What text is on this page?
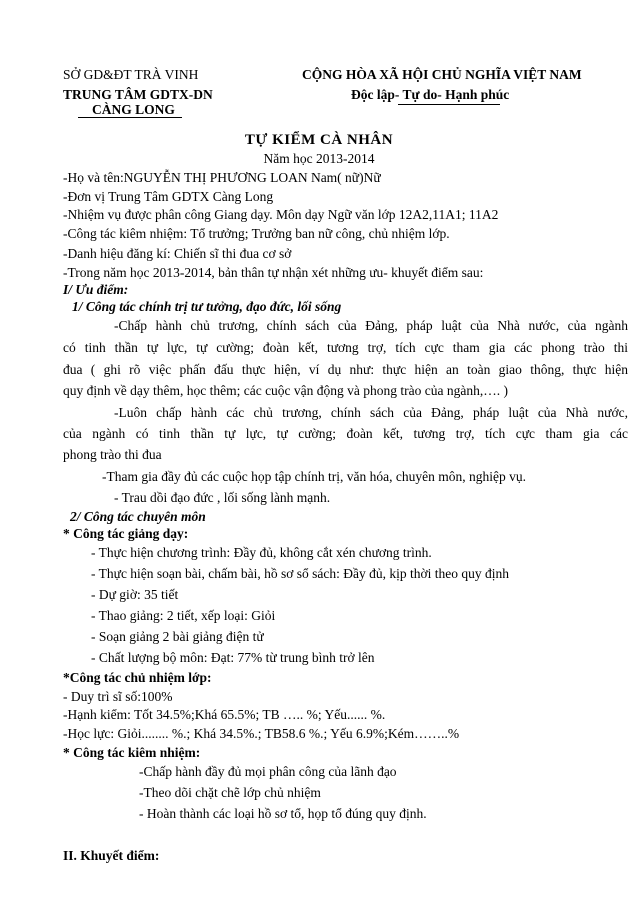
SỞ GD&ĐT TRÀ VINH
TRUNG TÂM GDTX-DN
CÀNG LONG
CỘNG HÒA XÃ HỘI CHỦ NGHĨA VIỆT NAM
Độc lập- Tự do- Hạnh phúc
TỰ KIỂM CÀ NHÂN
Năm học 2013-2014
-Họ và tên:NGUYỄN THỊ PHƯƠNG LOAN Nam( nữ)Nữ
-Đơn vị Trung Tâm GDTX Càng Long
-Nhiệm vụ được phân công Giang dạy. Môn dạy Ngữ văn lớp 12A2,11A1; 11A2
-Công tác kiêm nhiệm: Tổ trưởng; Trưởng ban nữ công, chủ nhiệm lớp.
-Danh hiệu đăng kí: Chiến sĩ thi đua cơ sở
-Trong năm học 2013-2014, bản thân tự nhận xét những ưu- khuyết điểm sau:
I/ Ưu điểm:
1/ Công tác chính trị tư tưởng, đạo đức, lối sống
-Chấp hành chủ trương, chính sách của Đảng, pháp luật của Nhà nước, của ngành
có tinh thần tự lực, tự cường; đoàn kết, tương trợ, tích cực tham gia các phong trào thi
đua ( ghi rõ việc phấn đấu thực hiện, ví dụ như: thực hiện an toàn giao thông, thực hiện
quy định về dạy thêm, học thêm; các cuộc vận động và phong trào của ngành,…. )
-Luôn chấp hành các chủ trương, chính sách của Đảng, pháp luật của Nhà nước,
của ngành có tinh thần tự lực, tự cường; đoàn kết, tương trợ, tích cực tham gia các
phong trào thi đua
-Tham gia đầy đủ các cuộc họp tập chính trị, văn hóa, chuyên môn, nghiệp vụ.
- Trau dồi đạo đức , lối sống lành mạnh.
2/ Công tác chuyên môn
* Công tác giảng dạy:
- Thực hiện chương trình: Đầy đủ, không cắt xén chương trình.
- Thực hiện soạn bài, chấm bài, hồ sơ sổ sách: Đầy đủ, kịp thời theo quy định
- Dự giờ: 35 tiết
- Thao giảng: 2 tiết, xếp loại: Giỏi
- Soạn giảng 2 bài giảng điện tử
- Chất lượng bộ môn: Đạt: 77% từ trung bình trở lên
*Công tác chủ nhiệm lớp:
- Duy trì sĩ số:100%
-Hạnh kiểm: Tốt 34.5%;Khá 65.5%; TB ….. %; Yếu...... %.
-Học lực: Giỏi........ %.; Khá 34.5%.; TB58.6 %.; Yếu 6.9%;Kém……..%
* Công tác kiêm nhiệm:
-Chấp hành đầy đủ mọi phân công của lãnh đạo
-Theo dõi chặt chẽ lớp chủ nhiệm
- Hoàn thành các loại hồ sơ tổ, họp tổ đúng quy định.
II. Khuyết điểm:
